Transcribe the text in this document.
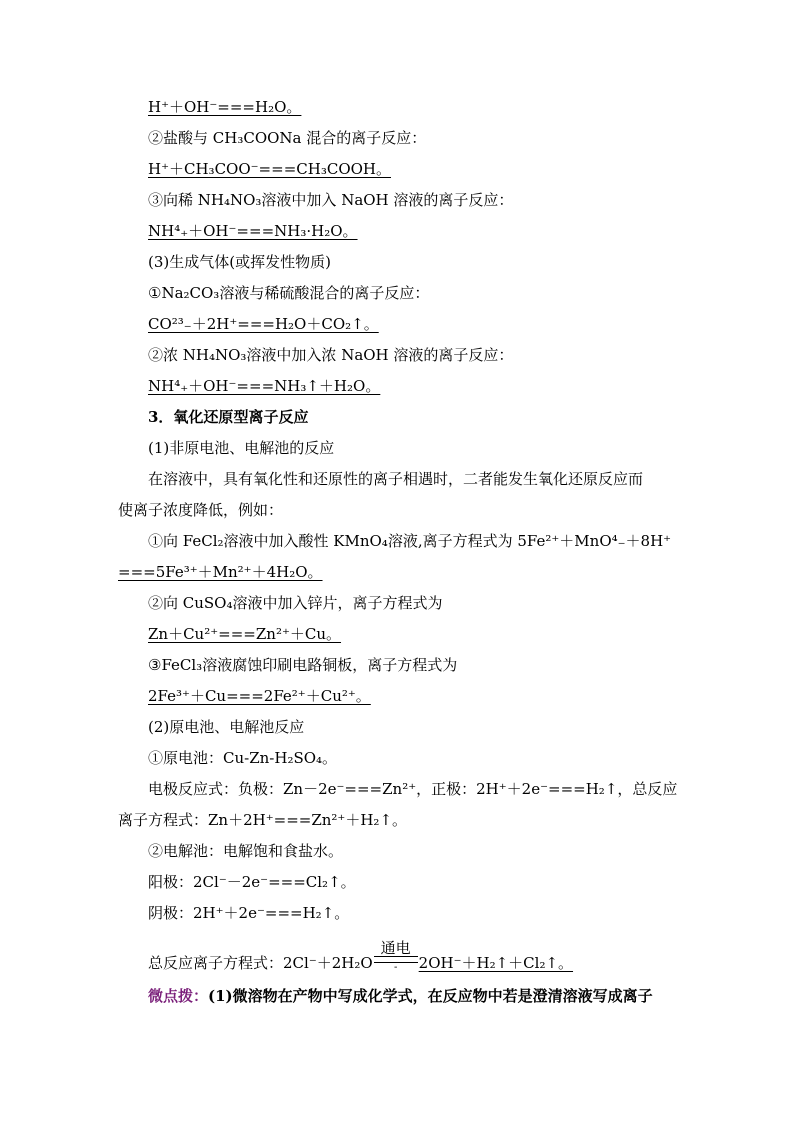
H⁺＋OH⁻===H₂O。
②盐酸与 CH₃COONa 混合的离子反应：
H⁺＋CH₃COO⁻===CH₃COOH。
③向稀 NH₄NO₃溶液中加入 NaOH 溶液的离子反应：
NH⁴₊＋OH⁻===NH₃·H₂O。
(3)生成气体(或挥发性物质)
①Na₂CO₃溶液与稀硫酸混合的离子反应：
CO²³₋＋2H⁺===H₂O＋CO₂↑。
②浓 NH₄NO₃溶液中加入浓 NaOH 溶液的离子反应：
NH⁴₊＋OH⁻===NH₃↑＋H₂O。
3．氧化还原型离子反应
(1)非原电池、电解池的反应
在溶液中，具有氧化性和还原性的离子相遇时，二者能发生氧化还原反应而
使离子浓度降低，例如：
①向 FeCl₂溶液中加入酸性 KMnO₄溶液,离子方程式为 5Fe²⁺＋MnO⁴₋＋8H⁺
===5Fe³⁺＋Mn²⁺＋4H₂O。
②向 CuSO₄溶液中加入锌片，离子方程式为
Zn＋Cu²⁺===Zn²⁺＋Cu。
③FeCl₃溶液腐蚀印刷电路铜板，离子方程式为
2Fe³⁺＋Cu===2Fe²⁺＋Cu²⁺。
(2)原电池、电解池反应
①原电池：Cu-Zn-H₂SO₄。
电极反应式：负极：Zn－2e⁻===Zn²⁺，正极：2H⁺＋2e⁻===H₂↑，总反应
离子方程式：Zn＋2H⁺===Zn²⁺＋H₂↑。
②电解池：电解饱和食盐水。
阳极：2Cl⁻－2e⁻===Cl₂↑。
阴极：2H⁺＋2e⁻===H₂↑。
总反应离子方程式：2Cl⁻＋2H₂O
通电
-	2OH⁻＋H₂↑＋Cl₂↑。
微点拨：(1)微溶物在产物中写成化学式，在反应物中若是澄清溶液写成离子
